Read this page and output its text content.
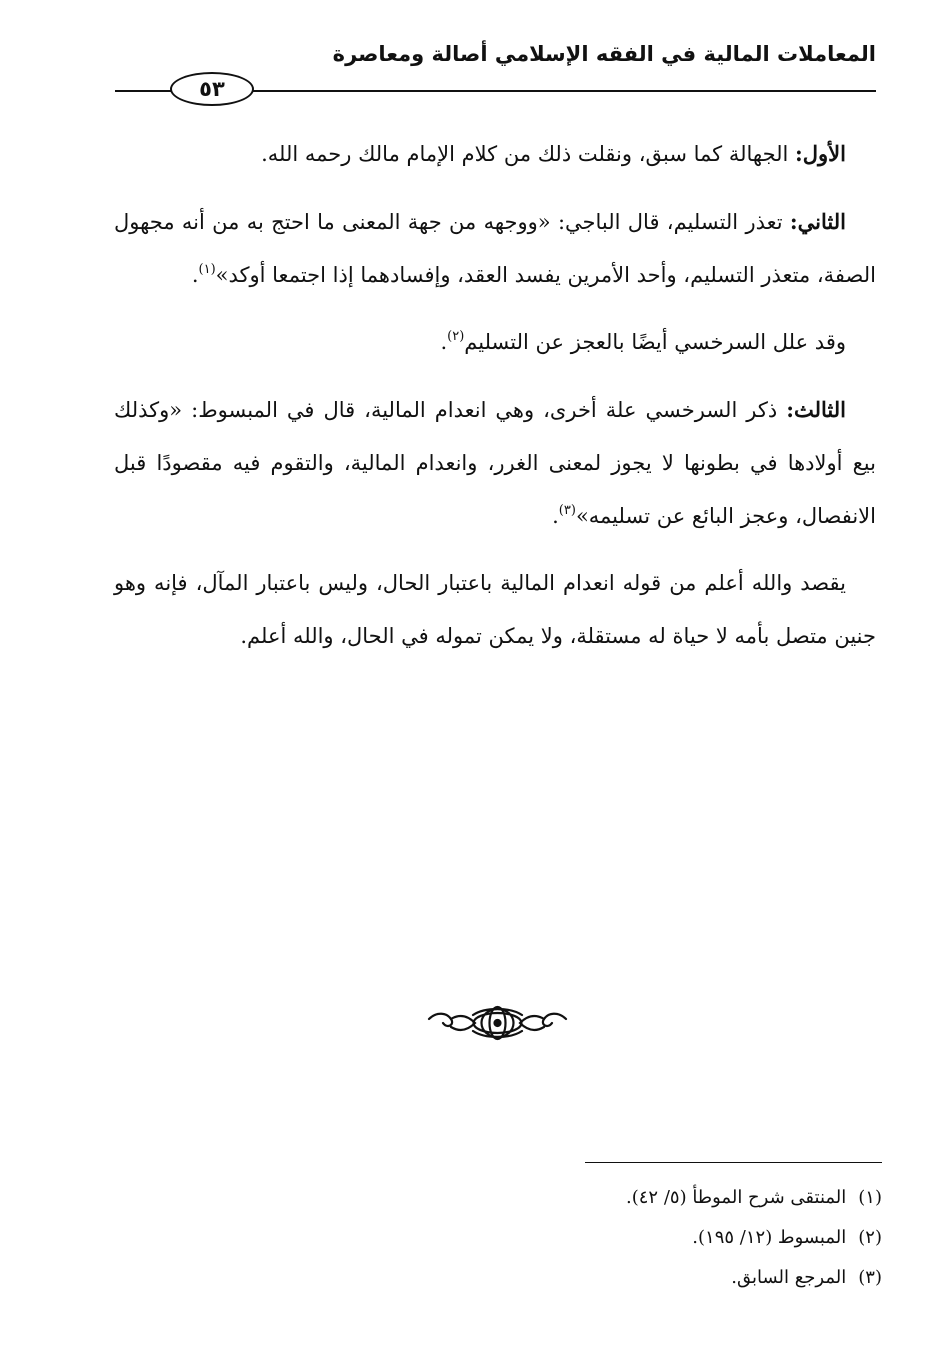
المعاملات المالية في الفقه الإسلامي أصالة ومعاصرة
٥٣

الأول: الجهالة كما سبق، ونقلت ذلك من كلام الإمام مالك رحمه الله.

الثاني: تعذر التسليم، قال الباجي: «ووجهه من جهة المعنى ما احتج به من أنه مجهول الصفة، متعذر التسليم، وأحد الأمرين يفسد العقد، وإفسادهما إذا اجتمعا أوكد»$^{(١)}$.

وقد علل السرخسي أيضًا بالعجز عن التسليم$^{(٢)}$.

الثالث: ذكر السرخسي علة أخرى، وهي انعدام المالية، قال في المبسوط: «وكذلك بيع أولادها في بطونها لا يجوز لمعنى الغرر، وانعدام المالية، والتقوم فيه مقصودًا قبل الانفصال، وعجز البائع عن تسليمه»$^{(٣)}$.

يقصد والله أعلم من قوله انعدام المالية باعتبار الحال، وليس باعتبار المآل، فإنه وهو جنين متصل بأمه لا حياة له مستقلة، ولا يمكن تموله في الحال، والله أعلم.

(١)المنتقى شرح الموطأ (٥/ ٤٢).
(٢)المبسوط (١٢/ ١٩٥).
(٣)المرجع السابق.
